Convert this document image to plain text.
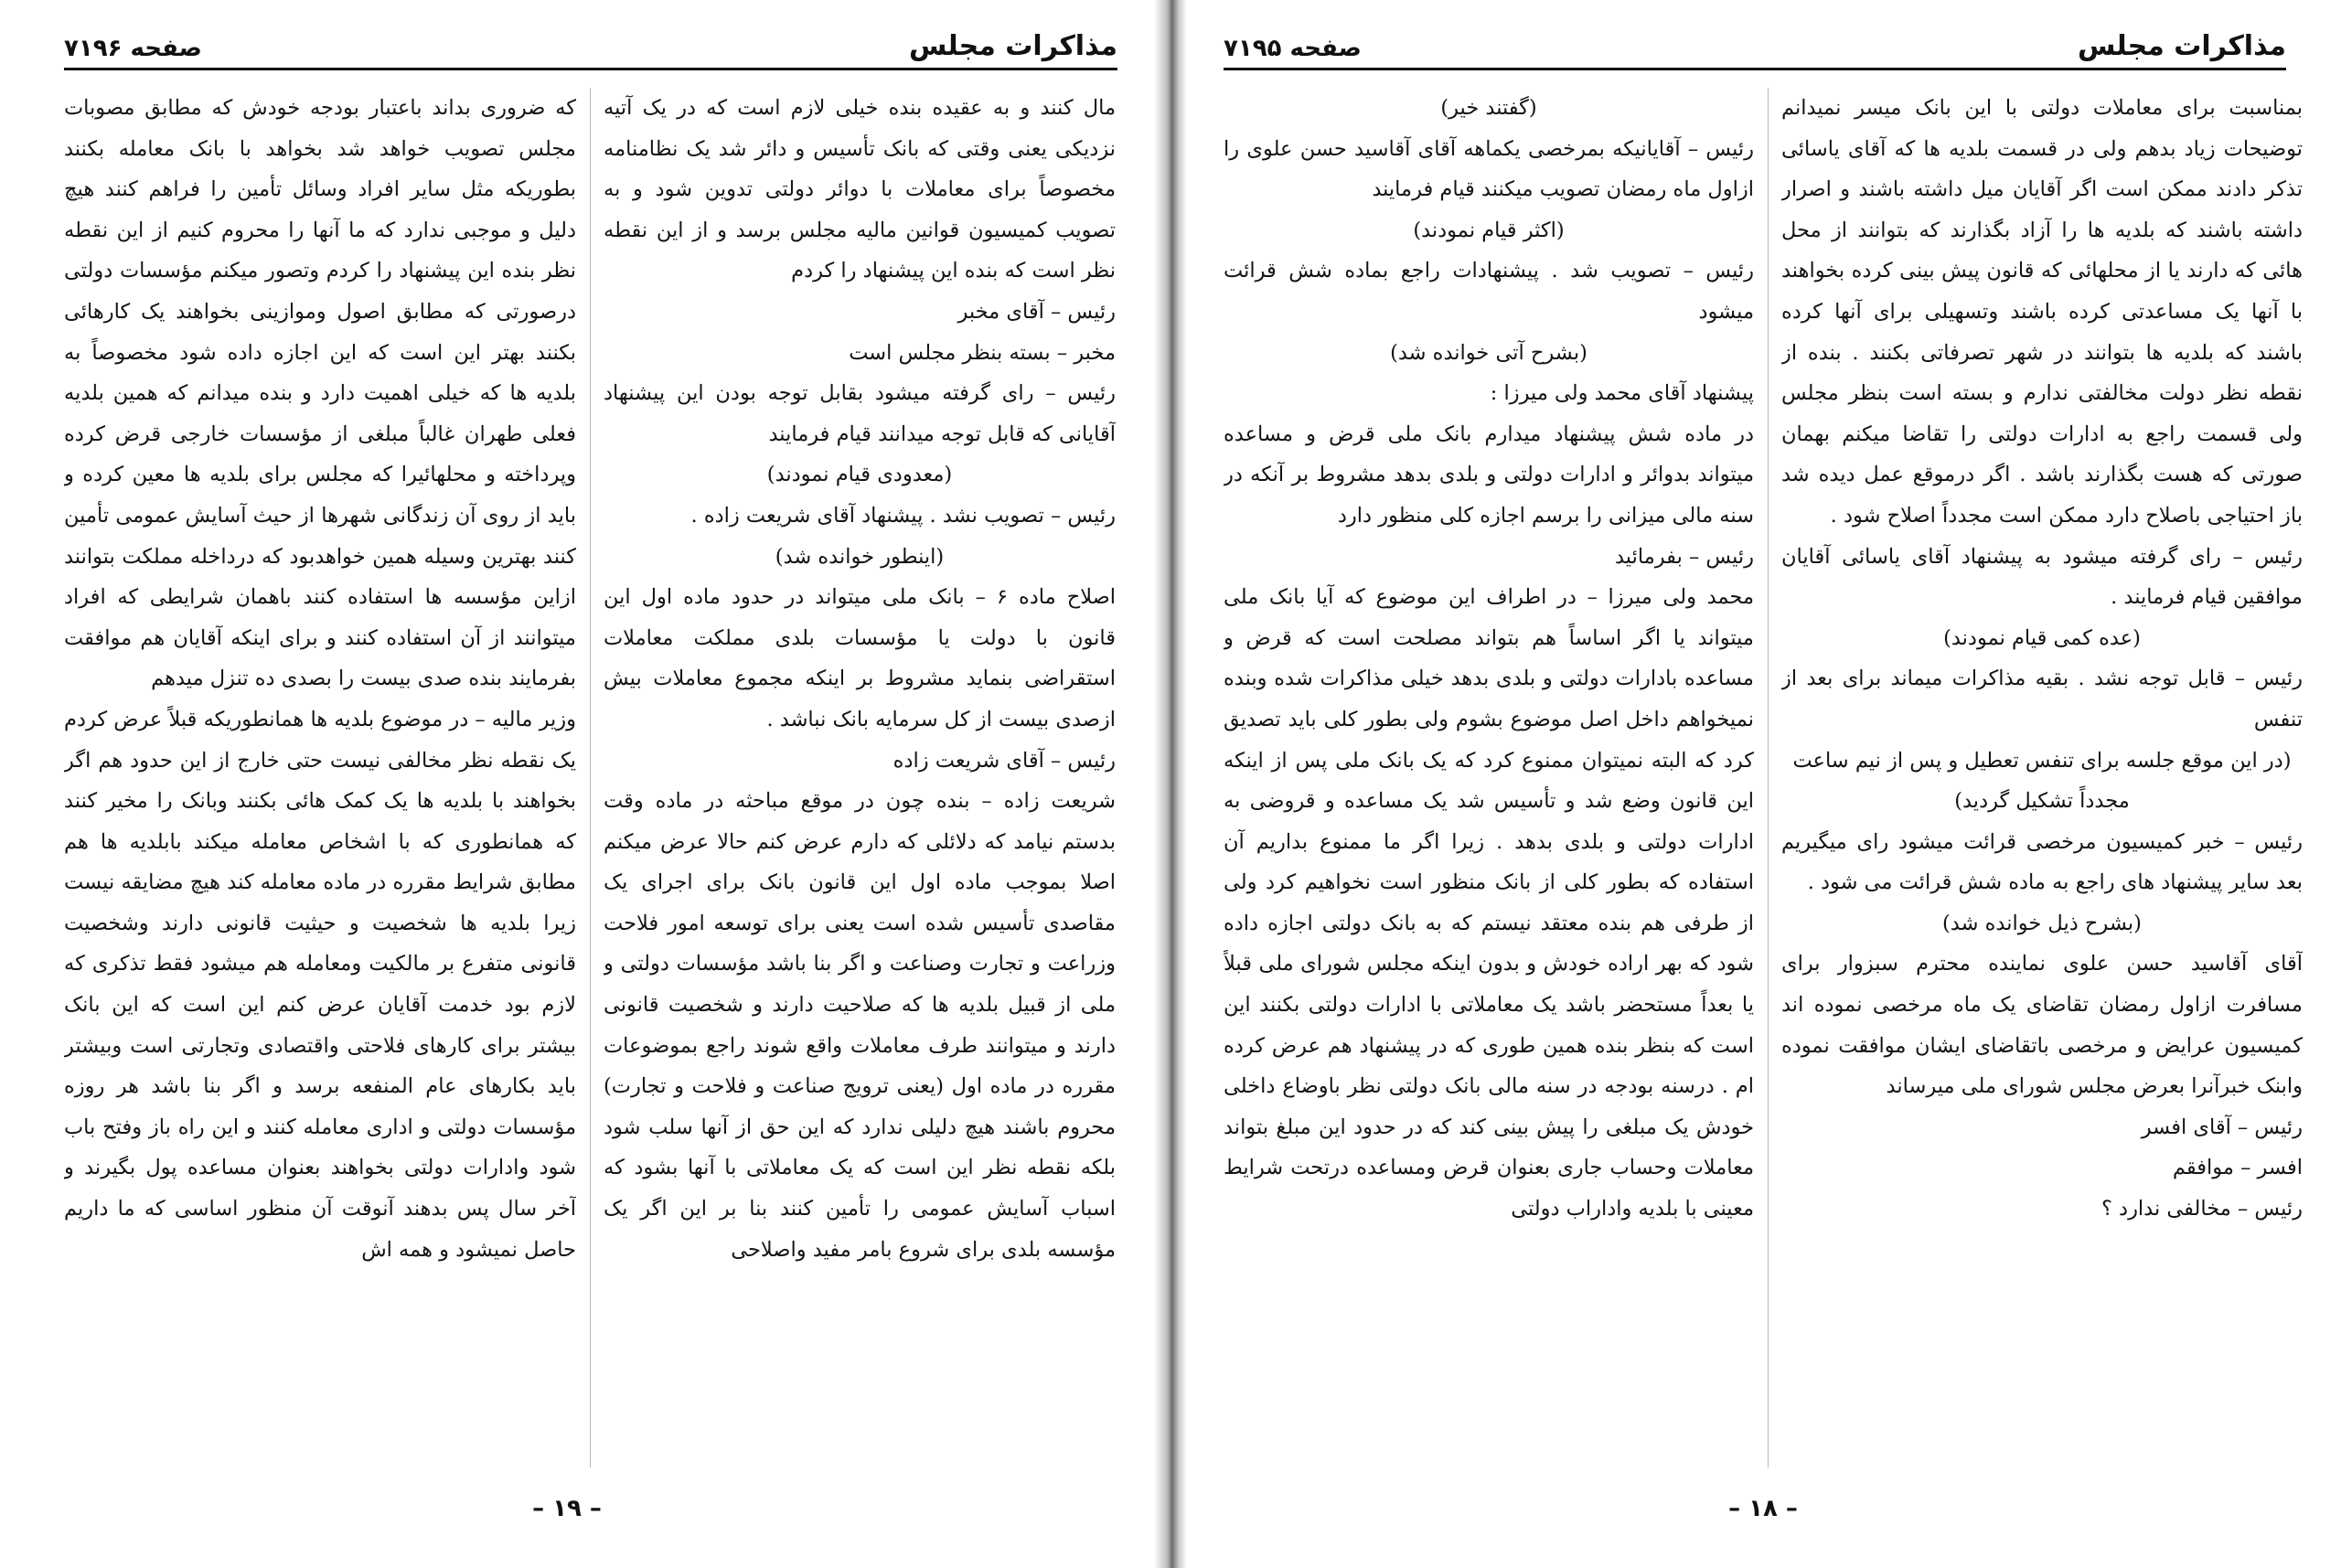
مذاکرات مجلس
صفحه ۷۱۹۶

مال کنند و به عقیده بنده خیلی لازم است که در یک آتیه نزدیکی یعنی وقتی که بانک تأسیس و دائر شد یک نظامنامه مخصوصاً برای معاملات با دوائر دولتی تدوین شود و به تصویب کمیسیون قوانین مالیه مجلس برسد و از این نقطه نظر است که بنده این پیشنهاد را کردم

رئیس – آقای مخبر

مخبر – بسته بنظر مجلس است

رئیس – رای گرفته میشود بقابل توجه بودن این پیشنهاد آقایانی که قابل توجه میدانند قیام فرمایند

(معدودی قیام نمودند)

رئیس – تصویب نشد . پیشنهاد آقای شریعت زاده .

(اینطور خوانده شد)

اصلاح ماده ۶ – بانک ملی میتواند در حدود ماده اول این قانون با دولت یا مؤسسات بلدی مملکت معاملات استقراضی بنماید مشروط بر اینکه مجموع معاملات بیش ازصدی بیست از کل سرمایه بانک نباشد .

رئیس – آقای شریعت زاده

شریعت زاده – بنده چون در موقع مباحثه در ماده وقت بدستم نیامد که دلائلی که دارم عرض کنم حالا عرض میکنم اصلا بموجب ماده اول این قانون بانک برای اجرای یک مقاصدی تأسیس شده است یعنی برای توسعه امور فلاحت وزراعت و تجارت وصناعت و اگر بنا باشد مؤسسات دولتی و ملی از قبیل بلدیه ها که صلاحیت دارند و شخصیت قانونی دارند و میتوانند طرف معاملات واقع شوند راجع بموضوعات مقرره در ماده اول (یعنی ترویج صناعت و فلاحت و تجارت) محروم باشند هیچ دلیلی ندارد که این حق از آنها سلب شود بلکه نقطه نظر این است که یک معاملاتی با آنها بشود که اسباب آسایش عمومی را تأمین کنند بنا بر این اگر یک مؤسسه بلدی برای شروع بامر مفید واصلاحی

که ضروری بداند باعتبار بودجه خودش که مطابق مصوبات مجلس تصویب خواهد شد بخواهد با بانک معامله بکنند بطوریکه مثل سایر افراد وسائل تأمین را فراهم کنند هیچ دلیل و موجبی ندارد که ما آنها را محروم کنیم از این نقطه نظر بنده این پیشنهاد را کردم وتصور میکنم مؤسسات دولتی درصورتی که مطابق اصول وموازینی بخواهند یک کارهائی بکنند بهتر این است که این اجازه داده شود مخصوصاً به بلدیه ها که خیلی اهمیت دارد و بنده میدانم که همین بلدیه فعلی طهران غالباً مبلغی از مؤسسات خارجی قرض کرده وپرداخته و محلهائیرا که مجلس برای بلدیه ها معین کرده و باید از روی آن زندگانی شهرها از حیث آسایش عمومی تأمین کنند بهترین وسیله همین خواهدبود که درداخله مملکت بتوانند ازاین مؤسسه ها استفاده کنند باهمان شرایطی که افراد میتوانند از آن استفاده کنند و برای اینکه آقایان هم موافقت بفرمایند بنده صدی بیست را بصدی ده تنزل میدهم

وزیر مالیه – در موضوع بلدیه ها همانطوریکه قبلاً عرض کردم یک نقطه نظر مخالفی نیست حتی خارج از این حدود هم اگر بخواهند با بلدیه ها یک کمک هائی بکنند وبانک را مخیر کنند که همانطوری که با اشخاص معامله میکند بابلدیه ها هم مطابق شرایط مقرره در ماده معامله کند هیچ مضایقه نیست زیرا بلدیه ها شخصیت و حیثیت قانونی دارند وشخصیت قانونی متفرع بر مالکیت ومعامله هم میشود فقط تذکری که لازم بود خدمت آقایان عرض کنم این است که این بانک بیشتر برای کارهای فلاحتی واقتصادی وتجارتی است وبیشتر باید بکارهای عام المنفعه برسد و اگر بنا باشد هر روزه مؤسسات دولتی و اداری معامله کنند و این راه باز وفتح باب شود وادارات دولتی بخواهند بعنوان مساعده پول بگیرند و آخر سال پس بدهند آنوقت آن منظور اساسی که ما داریم حاصل نمیشود و همه اش

– ۱۹ –
مذاکرات مجلس
صفحه ۷۱۹۵

بمناسبت برای معاملات دولتی با این بانک میسر نمیدانم توضیحات زیاد بدهم ولی در قسمت بلدیه ها که آقای یاسائی تذکر دادند ممکن است اگر آقایان میل داشته باشند و اصرار داشته باشند که بلدیه ها را آزاد بگذارند که بتوانند از محل هائی که دارند یا از محلهائی که قانون پیش بینی کرده بخواهند با آنها یک مساعدتی کرده باشند وتسهیلی برای آنها کرده باشند که بلدیه ها بتوانند در شهر تصرفاتی بکنند . بنده از نقطه نظر دولت مخالفتی ندارم و بسته است بنظر مجلس ولی قسمت راجع به ادارات دولتی را تقاضا میکنم بهمان صورتی که هست بگذارند باشد . اگر درموقع عمل دیده شد باز احتیاجی باصلاح دارد ممکن است مجدداً اصلاح شود .

رئیس – رای گرفته میشود به پیشنهاد آقای یاسائی آقایان موافقین قیام فرمایند .

(عده کمی قیام نمودند)

رئیس – قابل توجه نشد . بقیه مذاکرات میماند برای بعد از تنفس

(در این موقع جلسه برای تنفس تعطیل و پس از نیم ساعت مجدداً تشکیل گردید)

رئیس – خبر کمیسیون مرخصی قرائت میشود رای میگیریم بعد سایر پیشنهاد های راجع به ماده شش قرائت می شود .

(بشرح ذیل خوانده شد)

آقای آقاسید حسن علوی نماینده محترم سبزوار برای مسافرت ازاول رمضان تقاضای یک ماه مرخصی نموده اند کمیسیون عرایض و مرخصی باتقاضای ایشان موافقت نموده وابنک خبرآنرا بعرض مجلس شورای ملی میرساند

رئیس – آقای افسر

افسر – موافقم

رئیس – مخالفی ندارد ؟

(گفتند خیر)

رئیس – آقایانیکه بمرخصی یکماهه آقای آقاسید حسن علوی را ازاول ماه رمضان تصویب میکنند قیام فرمایند

(اکثر قیام نمودند)

رئیس – تصویب شد . پیشنهادات راجع بماده شش قرائت میشود

(بشرح آتی خوانده شد)

پیشنهاد آقای محمد ولی میرزا :

در ماده شش پیشنهاد میدارم بانک ملی قرض و مساعده میتواند بدوائر و ادارات دولتی و بلدی بدهد مشروط بر آنکه در سنه مالی میزانی را برسم اجازه کلی منظور دارد

رئیس – بفرمائید

محمد ولی میرزا – در اطراف این موضوع که آیا بانک ملی میتواند یا اگر اساساً هم بتواند مصلحت است که قرض و مساعده بادارات دولتی و بلدی بدهد خیلی مذاکرات شده وبنده نمیخواهم داخل اصل موضوع بشوم ولی بطور کلی باید تصدیق کرد که البته نمیتوان ممنوع کرد که یک بانک ملی پس از اینکه این قانون وضع شد و تأسیس شد یک مساعده و قروضی به ادارات دولتی و بلدی بدهد . زیرا اگر ما ممنوع بداریم آن استفاده که بطور کلی از بانک منظور است نخواهیم کرد ولی از طرفی هم بنده معتقد نیستم که به بانک دولتی اجازه داده شود که بهر اراده خودش و بدون اینکه مجلس شورای ملی قبلاً یا بعداً مستحضر باشد یک معاملاتی با ادارات دولتی بکنند این است که بنظر بنده همین طوری که در پیشنهاد هم عرض کرده ام . درسنه بودجه در سنه مالی بانک دولتی نظر باوضاع داخلی خودش یک مبلغی را پیش بینی کند که در حدود این مبلغ بتواند معاملات وحساب جاری بعنوان قرض ومساعده درتحت شرایط معینی با بلدیه واداراب دولتی

– ۱۸ –
